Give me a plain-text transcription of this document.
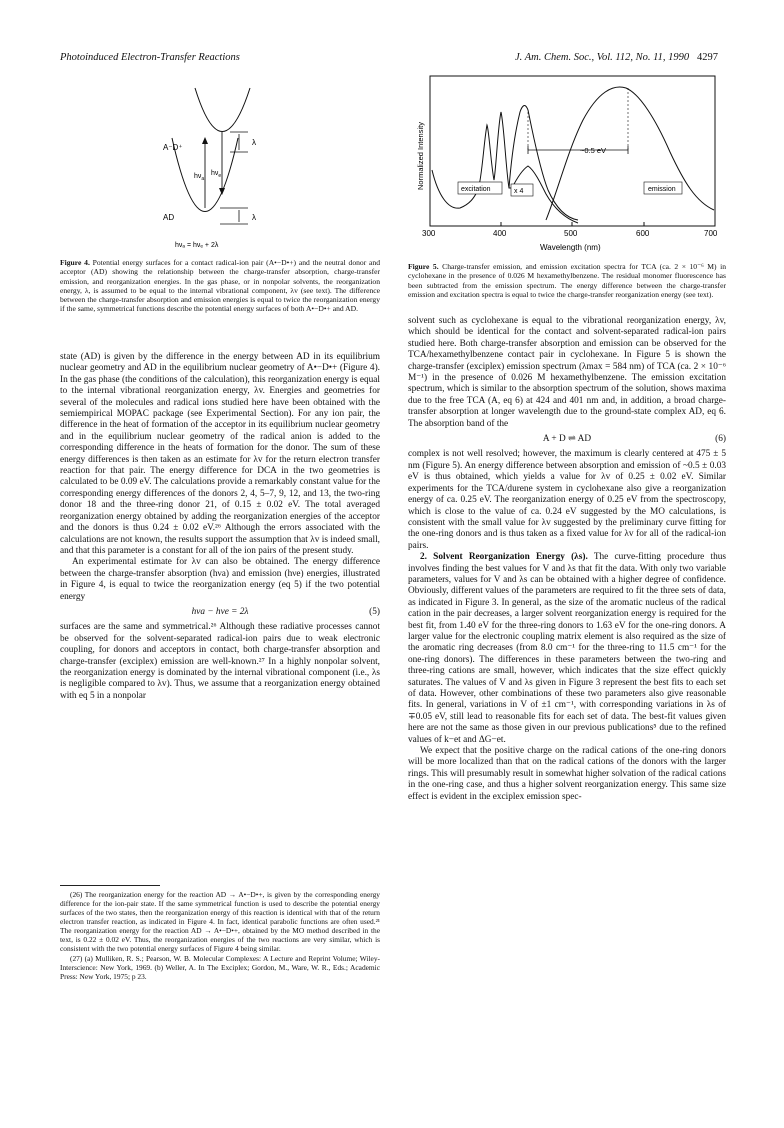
Photoinduced Electron-Transfer Reactions	J. Am. Chem. Soc., Vol. 112, No. 11, 1990 4297
A⁻D⁺
AD
$h\nu_a$
$h\nu_e$
λ
λ
hνₐ = hνₑ + 2λ
Figure 4. Potential energy surfaces for a contact radical-ion pair (A•−D•+) and the neutral donor and acceptor (AD) showing the relationship between the charge-transfer absorption, charge-transfer emission, and reorganization energies. In the gas phase, or in nonpolar solvents, the reorganization energy, λ, is assumed to be equal to the internal vibrational component, λv (see text). The difference between the charge-transfer absorption and emission energies is equal to twice the reorganization energy if the same, symmetrical functions describe the potential energy surfaces of both A•−D•+ and AD.

state (AD) is given by the difference in the energy between AD in its equilibrium nuclear geometry and AD in the equilibrium nuclear geometry of A•−D•+ (Figure 4). In the gas phase (the conditions of the calculation), this reorganization energy is equal to the internal vibrational reorganization energy, λv. Energies and geometries for several of the molecules and radical ions studied here have been obtained with the semiempirical MOPAC package (see Experimental Section). For any ion pair, the difference in the heat of formation of the acceptor in its equilibrium nuclear geometry and in the equilibrium nuclear geometry of the radical anion is added to the corresponding difference in the heats of formation for the donor. The sum of these energy differences is then taken as an estimate for λv for the return electron transfer reaction for that pair. The energy difference for DCA in the two geometries is calculated to be 0.09 eV. The calculations provide a remarkably constant value for the corresponding energy differences of the donors 2, 4, 5–7, 9, 12, and 13, the two-ring donor 18 and the three-ring donor 21, of 0.15 ± 0.02 eV. The total averaged reorganization energy obtained by adding the reorganization energies of the acceptor and the donors is thus 0.24 ± 0.02 eV.²⁶ Although the errors associated with the calculations are not known, the results support the assumption that λv is indeed small, and that this parameter is a constant for all of the ion pairs of the present study.

An experimental estimate for λv can also be obtained. The energy difference between the charge-transfer absorption (hνa) and emission (hνe) energies, illustrated in Figure 4, is equal to twice the reorganization energy (eq 5) if the two potential energy

hνa − hνe = 2λ	(5)

surfaces are the same and symmetrical.²⁶ Although these radiative processes cannot be observed for the solvent-separated radical-ion pairs due to weak electronic coupling, for donors and acceptors in contact, both charge-transfer absorption and charge-transfer (exciplex) emission are well-known.²⁷ In a highly nonpolar solvent, the reorganization energy is dominated by the internal vibrational component (i.e., λs is negligible compared to λv). Thus, we assume that a reorganization energy obtained with eq 5 in a nonpolar

(26) The reorganization energy for the reaction AD → A•−D•+, is given by the corresponding energy difference for the ion-pair state. If the same symmetrical function is used to describe the potential energy surfaces of the two states, then the reorganization energy of this reaction is identical with that of the return electron transfer reaction, as indicated in Figure 4. In fact, identical parabolic functions are often used.²¹ The reorganization energy for the reaction AD → A•−D•+, obtained by the MO method described in the text, is 0.22 ± 0.02 eV. Thus, the reorganization energies of the two reactions are very similar, which is consistent with the two potential energy surfaces of Figure 4 being similar.

(27) (a) Mulliken, R. S.; Pearson, W. B. Molecular Complexes: A Lecture and Reprint Volume; Wiley-Interscience: New York, 1969. (b) Weller, A. In The Exciplex; Gordon, M., Ware, W. R., Eds.; Academic Press: New York, 1975; p 23.

300	400	500	600	700
Wavelength (nm)
Normalized Intensity	~0.5 eV
excitation	x 4	emission
Figure 5. Charge-transfer emission, and emission excitation spectra for TCA (ca. 2 × 10⁻⁶ M) in cyclohexane in the presence of 0.026 M hexamethylbenzene. The residual monomer fluorescence has been subtracted from the emission spectrum. The energy difference between the charge-transfer emission and excitation spectra is equal to twice the charge-transfer reorganization energy (see text).

solvent such as cyclohexane is equal to the vibrational reorganization energy, λv, which should be identical for the contact and solvent-separated radical-ion pairs studied here. Both charge-transfer absorption and emission can be observed for the TCA/hexamethylbenzene contact pair in cyclohexane. In Figure 5 is shown the charge-transfer (exciplex) emission spectrum (λmax = 584 nm) of TCA (ca. 2 × 10⁻⁶ M⁻¹) in the presence of 0.026 M hexamethylbenzene. The emission excitation spectrum, which is similar to the absorption spectrum of the solution, shows maxima due to the free TCA (A, eq 6) at 424 and 401 nm and, in addition, a broad charge-transfer absorption at longer wavelength due to the ground-state complex AD, eq 6. The absorption band of the

A + D ⇌ AD	(6)

complex is not well resolved; however, the maximum is clearly centered at 475 ± 5 nm (Figure 5). An energy difference between absorption and emission of ~0.5 ± 0.03 eV is thus obtained, which yields a value for λv of 0.25 ± 0.02 eV. Similar experiments for the TCA/durene system in cyclohexane also give a reorganization energy of ca. 0.25 eV. The reorganization energy of 0.25 eV from the spectroscopy, which is close to the value of ca. 0.24 eV suggested by the MO calculations, is consistent with the small value for λv suggested by the preliminary curve fitting for the one-ring donors and is thus taken as a fixed value for λv for all of the radical-ion pairs.

2. Solvent Reorganization Energy (λs). The curve-fitting procedure thus involves finding the best values for V and λs that fit the data. With only two variable parameters, values for V and λs can be obtained with a higher degree of confidence. Obviously, different values of the parameters are required to fit the three sets of data, as indicated in Figure 3. In general, as the size of the aromatic nucleus of the radical cation in the pair decreases, a larger solvent reorganization energy is required for the best fit, from 1.40 eV for the three-ring donors to 1.63 eV for the one-ring donors. A larger value for the electronic coupling matrix element is also required as the size of the aromatic ring decreases (from 8.0 cm⁻¹ for the three-ring to 11.5 cm⁻¹ for the one-ring donors). The differences in these parameters between the two-ring and three-ring cations are small, however, which indicates that the size effect quickly saturates. The values of V and λs given in Figure 3 represent the best fits to each set of data. However, other combinations of these two parameters also give reasonable fits. In general, variations in V of ±1 cm⁻¹, with corresponding variations in λs of ∓0.05 eV, still lead to reasonable fits for each set of data. The best-fit values given here are not the same as those given in our previous publications⁵ due to the refined values of k−et and ΔG−et.

We expect that the positive charge on the radical cations of the one-ring donors will be more localized than that on the radical cations of the donors with the larger rings. This will presumably result in somewhat higher solvation of the radical cations in the one-ring case, and thus a higher solvent reorganization energy. This same size effect is evident in the exciplex emission spec-
